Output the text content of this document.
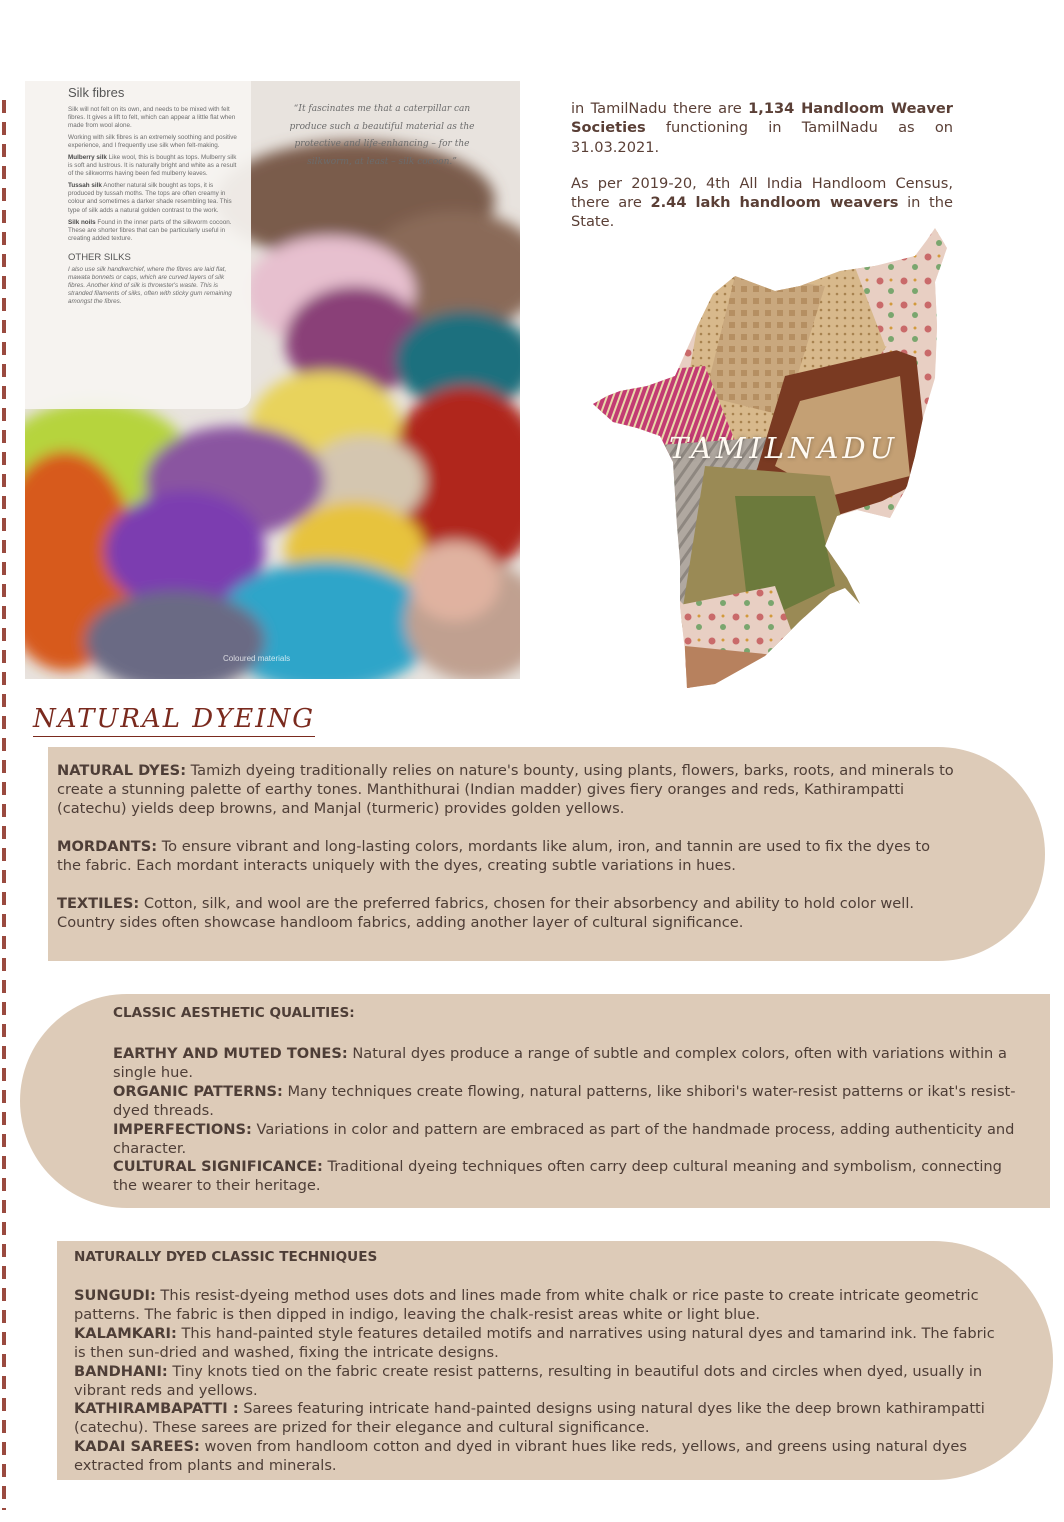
Silk fibres

Silk will not felt on its own, and needs to be mixed with felt fibres. It gives a lift to felt, which can appear a little flat when made from wool alone.

Working with silk fibres is an extremely soothing and positive experience, and I frequently use silk when felt-making.

Mulberry silk Like wool, this is bought as tops. Mulberry silk is soft and lustrous. It is naturally bright and white as a result of the silkworms having been fed mulberry leaves.

Tussah silk Another natural silk bought as tops, it is produced by tussah moths. The tops are often creamy in colour and sometimes a darker shade resembling tea. This type of silk adds a natural golden contrast to the work.

Silk noils Found in the inner parts of the silkworm cocoon. These are shorter fibres that can be particularly useful in creating added texture.

OTHER SILKS

I also use silk handkerchief, where the fibres are laid flat, mawata bonnets or caps, which are curved layers of silk fibres. Another kind of silk is throwster's waste. This is stranded filaments of silks, often with sticky gum remaining amongst the fibres.

“It fascinates me that a caterpillar can produce such a beautiful material as the protective and life-enhancing – for the silkworm, at least – silk cocoon.”
Coloured materials

in TamilNadu there are 1,134 Handloom Weaver Societies functioning in TamilNadu as on 31.03.2021.

As per 2019-20, 4th All India Handloom Census, there are 2.44 lakh handloom weavers in the State.

TAMILNADU
NATURAL DYEING

NATURAL DYES: Tamizh dyeing traditionally relies on nature's bounty, using plants, flowers, barks, roots, and minerals to create a stunning palette of earthy tones. Manthithurai (Indian madder) gives fiery oranges and reds, Kathirampatti (catechu) yields deep browns, and Manjal (turmeric) provides golden yellows.

MORDANTS: To ensure vibrant and long-lasting colors, mordants like alum, iron, and tannin are used to fix the dyes to the fabric. Each mordant interacts uniquely with the dyes, creating subtle variations in hues.

TEXTILES: Cotton, silk, and wool are the preferred fabrics, chosen for their absorbency and ability to hold color well. Country sides often showcase handloom fabrics, adding another layer of cultural significance.

CLASSIC AESTHETIC QUALITIES:

EARTHY AND MUTED TONES: Natural dyes produce a range of subtle and complex colors, often with variations within a single hue.

ORGANIC PATTERNS: Many techniques create flowing, natural patterns, like shibori's water-resist patterns or ikat's resist-dyed threads.

IMPERFECTIONS: Variations in color and pattern are embraced as part of the handmade process, adding authenticity and character.

CULTURAL SIGNIFICANCE: Traditional dyeing techniques often carry deep cultural meaning and symbolism, connecting the wearer to their heritage.

NATURALLY DYED CLASSIC TECHNIQUES

SUNGUDI: This resist-dyeing method uses dots and lines made from white chalk or rice paste to create intricate geometric patterns. The fabric is then dipped in indigo, leaving the chalk-resist areas white or light blue.

KALAMKARI: This hand-painted style features detailed motifs and narratives using natural dyes and tamarind ink. The fabric is then sun-dried and washed, fixing the intricate designs.

BANDHANI: Tiny knots tied on the fabric create resist patterns, resulting in beautiful dots and circles when dyed, usually in vibrant reds and yellows.

KATHIRAMBAPATTI : Sarees featuring intricate hand-painted designs using natural dyes like the deep brown kathirampatti (catechu). These sarees are prized for their elegance and cultural significance.

KADAI SAREES: woven from handloom cotton and dyed in vibrant hues like reds, yellows, and greens using natural dyes extracted from plants and minerals.
